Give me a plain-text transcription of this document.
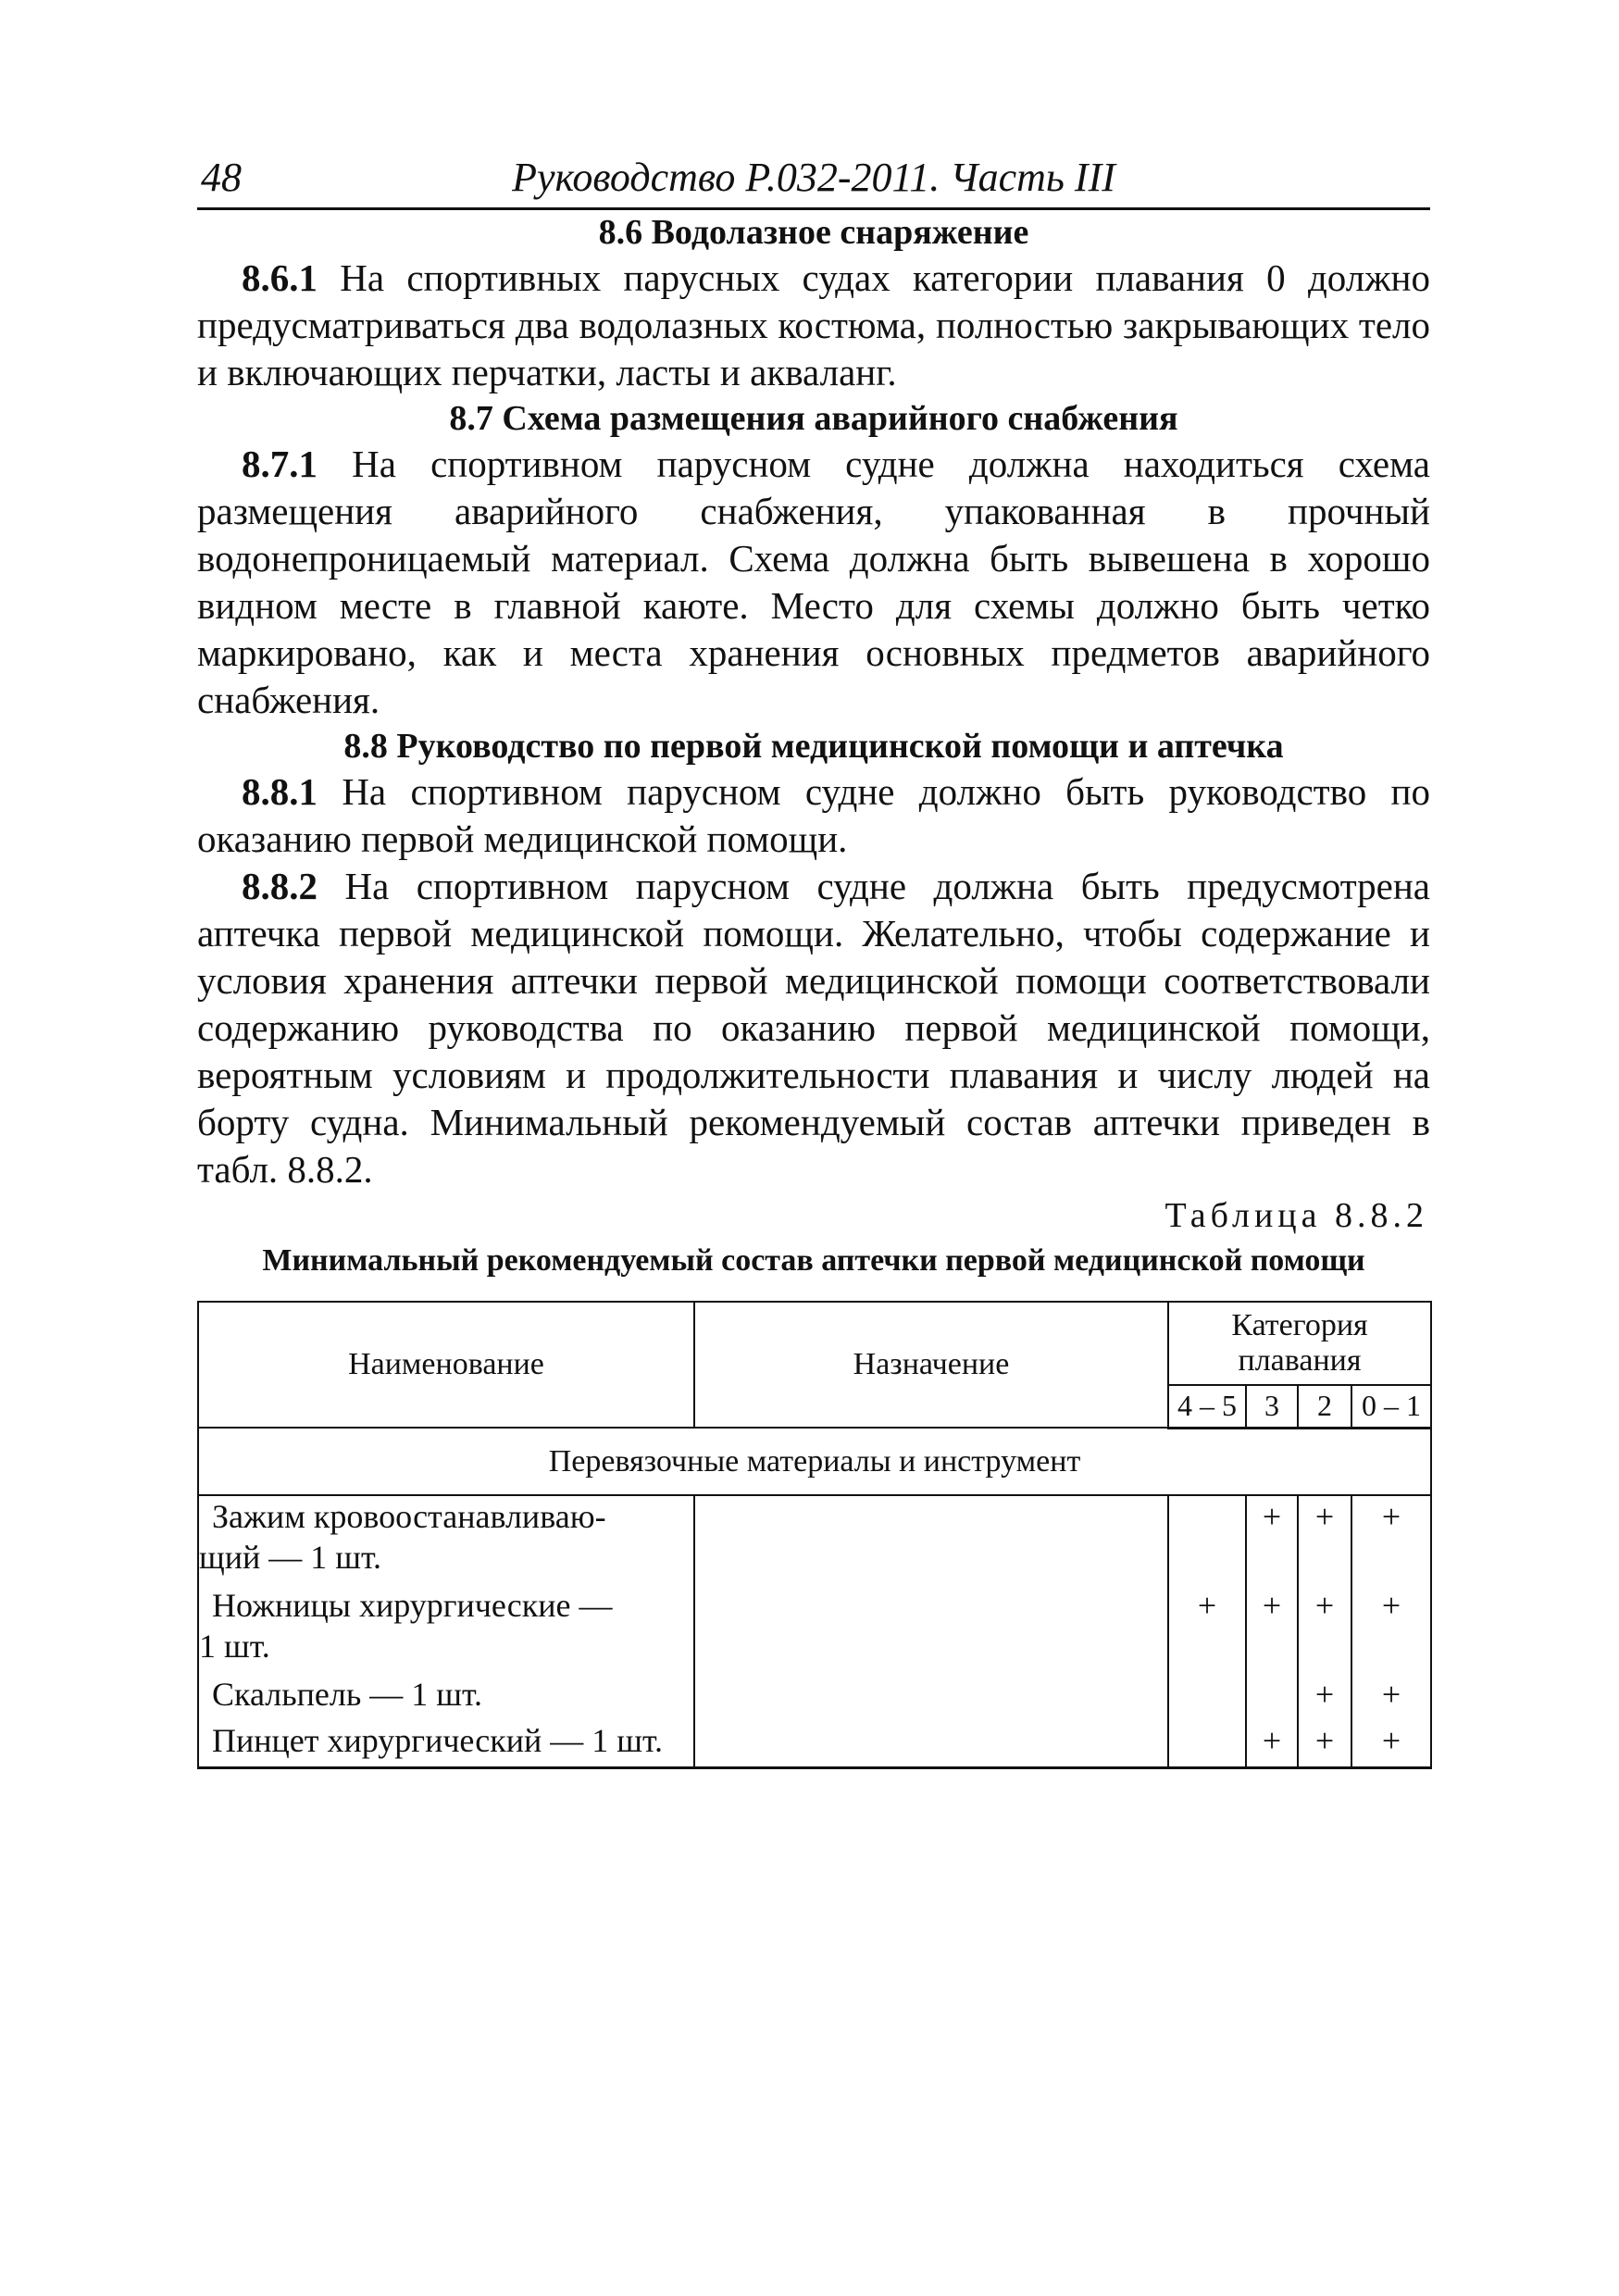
48	Руководство Р.032-2011. Часть III
8.6 Водолазное снаряжение

8.6.1 На спортивных парусных судах категории плавания 0 должно предусматриваться два водолазных костюма, полностью закрывающих тело и включающих перчатки, ласты и акваланг.

8.7 Схема размещения аварийного снабжения

8.7.1 На спортивном парусном судне должна находиться схема размещения аварийного снабжения, упакованная в прочный водонепроницаемый материал. Схема должна быть вывешена в хорошо видном месте в главной каюте. Место для схемы должно быть четко маркировано, как и места хранения основных предметов аварийного снабжения.

8.8 Руководство по первой медицинской помощи и аптечка

8.8.1 На спортивном парусном судне должно быть руководство по оказанию первой медицинской помощи.

8.8.2 На спортивном парусном судне должна быть предусмотрена аптечка первой медицинской помощи. Желательно, чтобы содержание и условия хранения аптечки первой медицинской помощи соответствовали содержанию руководства по оказанию первой медицинской помощи, вероятным условиям и продолжительности плавания и числу людей на борту судна. Минимальный рекомендуемый состав аптечки приведен в табл. 8.8.2.

Таблица 8.8.2
Минимальный рекомендуемый состав аптечки первой медицинской помощи
Наименование	Назначение	Категория
плавания			
		4 – 5	3	2	0 – 1
Перевязочные материалы и инструмент					
Зажим кровоостанавливаю-
щий — 1 шт.			+	+	+
Ножницы хирургические —
1 шт.		+	+	+	+
Скальпель — 1 шт.				+	+
Пинцет хирургический — 1 шт.			+	+	+
